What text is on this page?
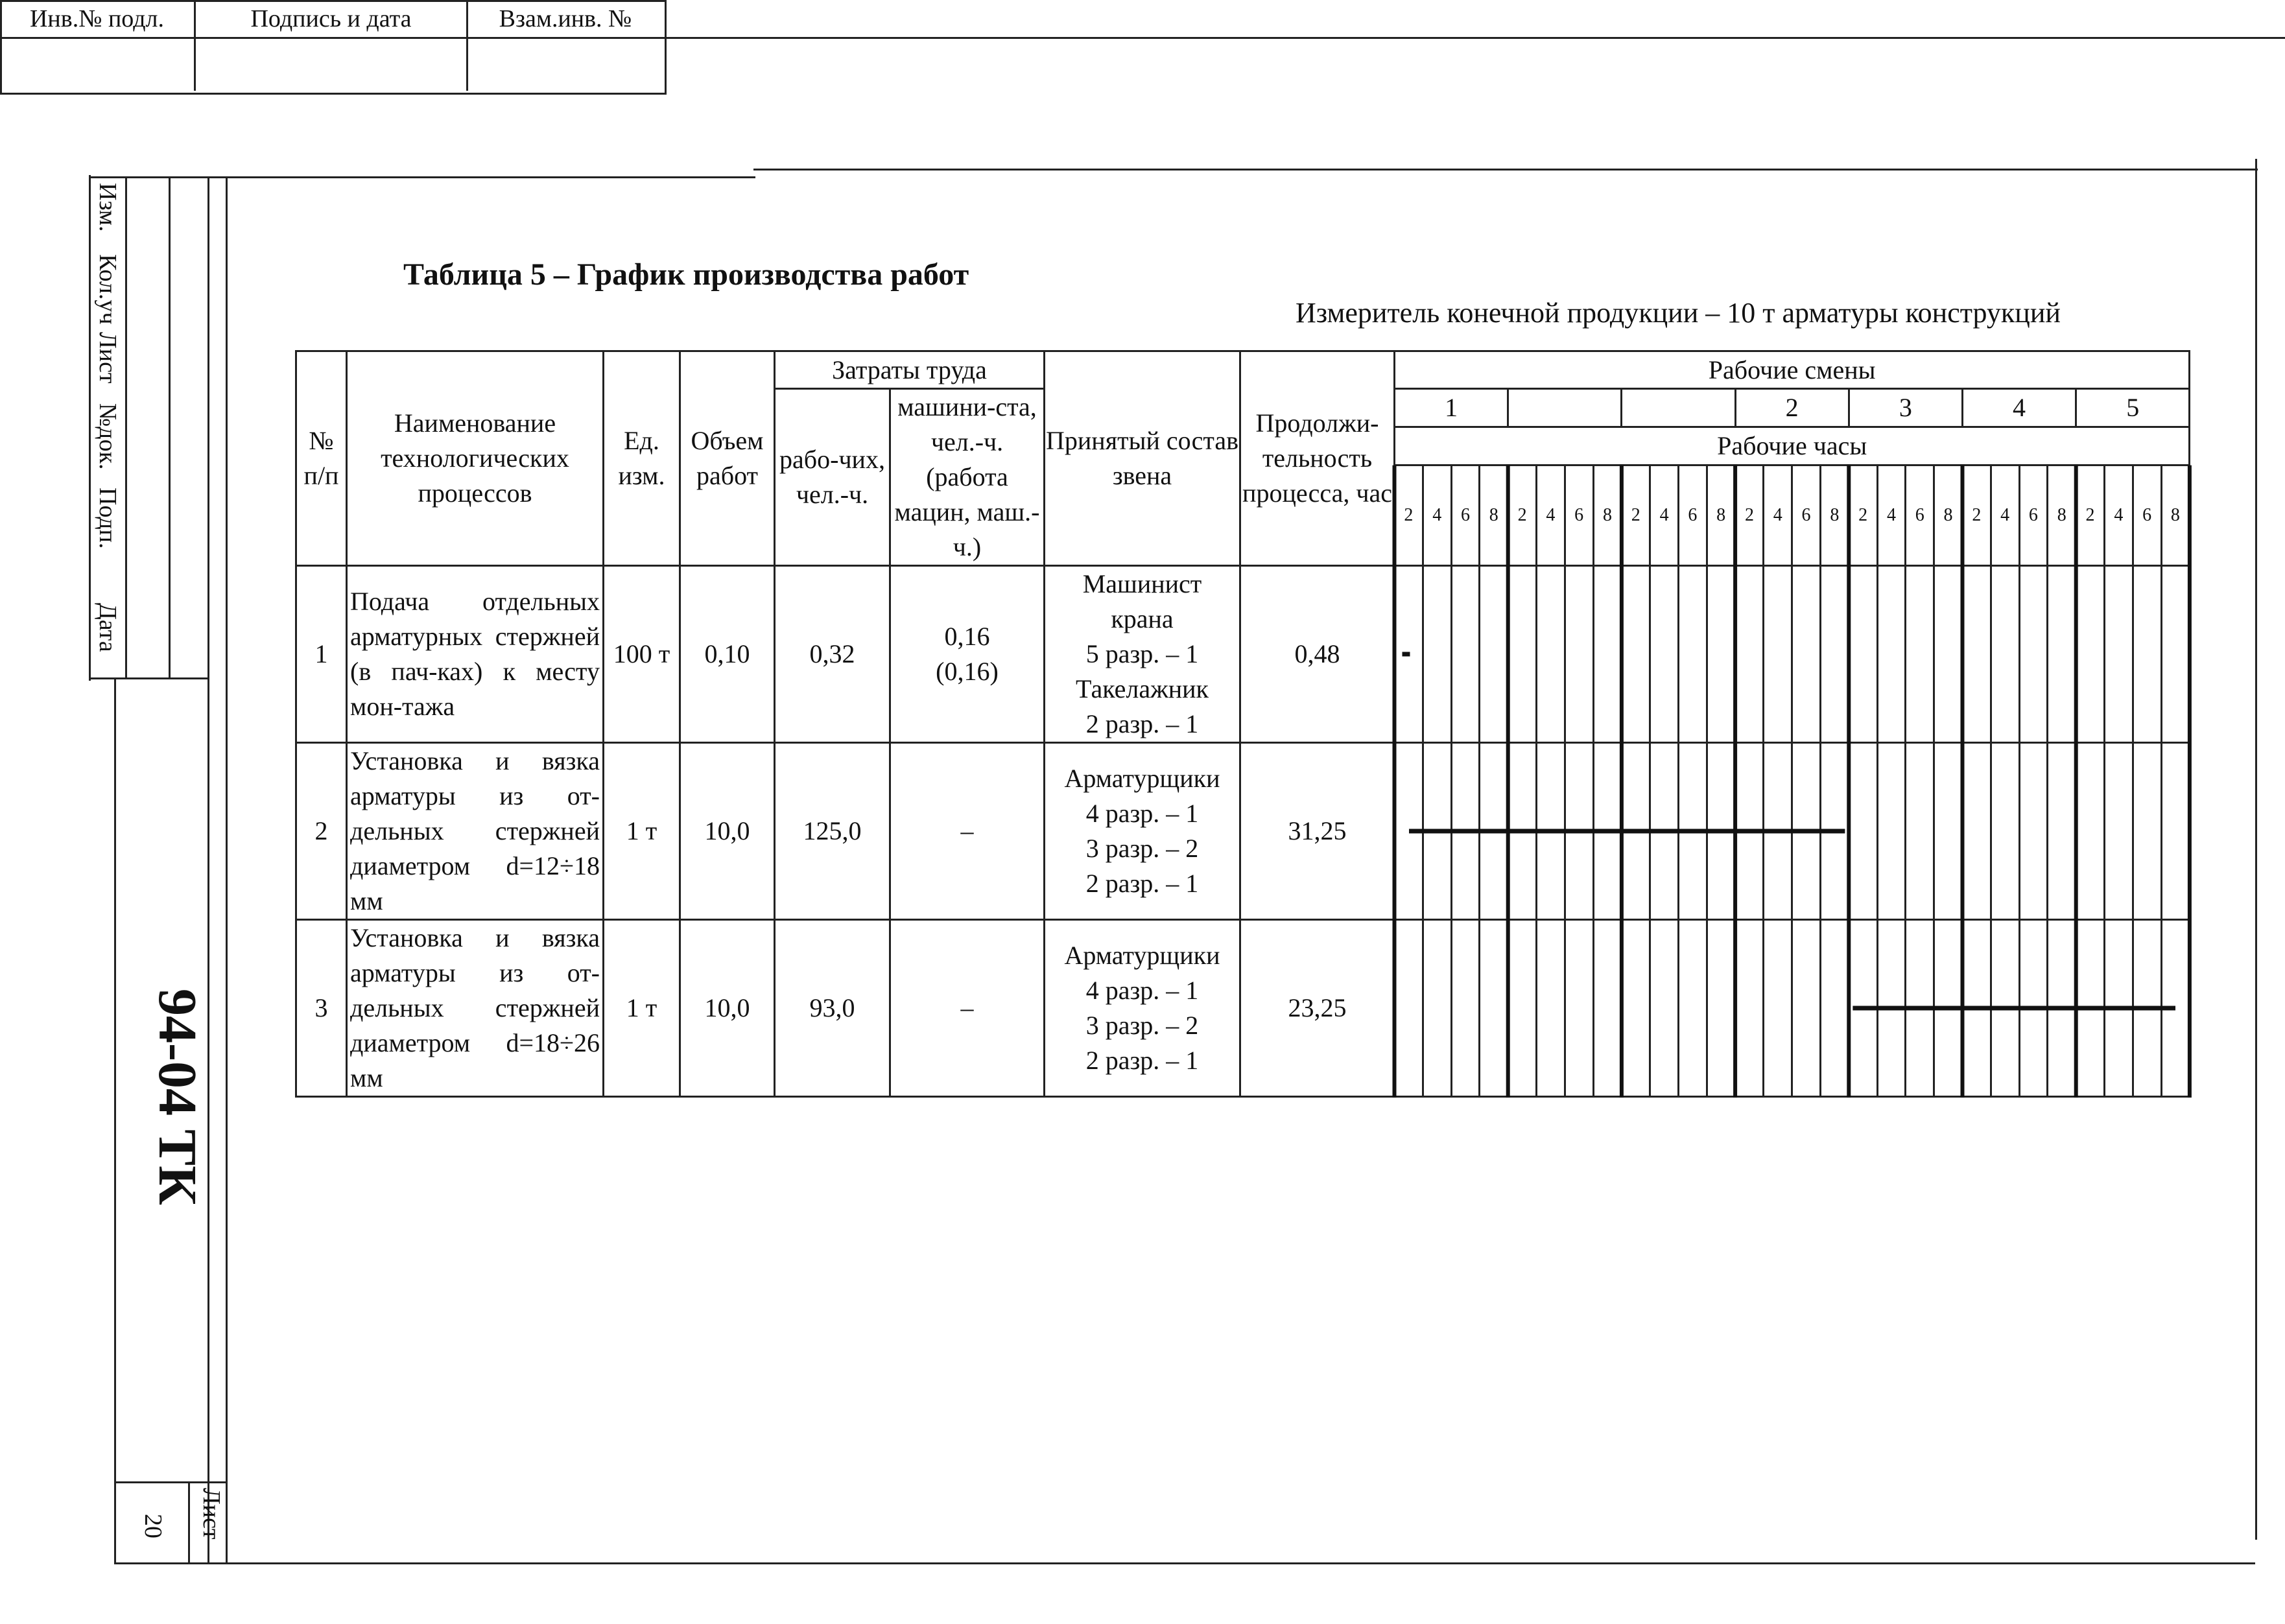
Инв.№ подл.	Подпись и дата	Взам.инв. №
Изм.
Кол.уч
Лист
№док.
Подп.
Дата
94-04 ТК
Лист
20
Таблица 5 – График производства работ
Измеритель конечной продукции – 10 т арматуры конструкций
№ п/п	Наименование технологических процессов	Ед. изм.	Объем работ	Затраты труда		Принятый состав звена	Продолжи-тельность процесса, час	Рабочие смены																											
				рабо-чих, чел.-ч.	машини-ста, чел.-ч. (работа мацин, маш.-ч.)			1												2				3				4				5			
								Рабочие часы																											
								2	4	6	8	2	4	6	8	2	4	6	8	2	4	6	8	2	4	6	8	2	4	6	8	2	4	6	8
1	Подача отдельных арматурных стержней (в пач-ках) к месту мон-тажа	100 т	0,10	0,32	0,16 (0,16)	Машинист
крана
5 разр. – 1
Такелажник
2 разр. – 1	0,48																												
2	Установка и вязка арматуры из от-дельных стержней диаметром d=12÷18 мм	1 т	10,0	125,0	–	Арматурщики
4 разр. – 1
3 разр. – 2
2 разр. – 1	31,25																												
3	Установка и вязка арматуры из от-дельных стержней диаметром d=18÷26 мм	1 т	10,0	93,0	–	Арматурщики
4 разр. – 1
3 разр. – 2
2 разр. – 1	23,25																												
